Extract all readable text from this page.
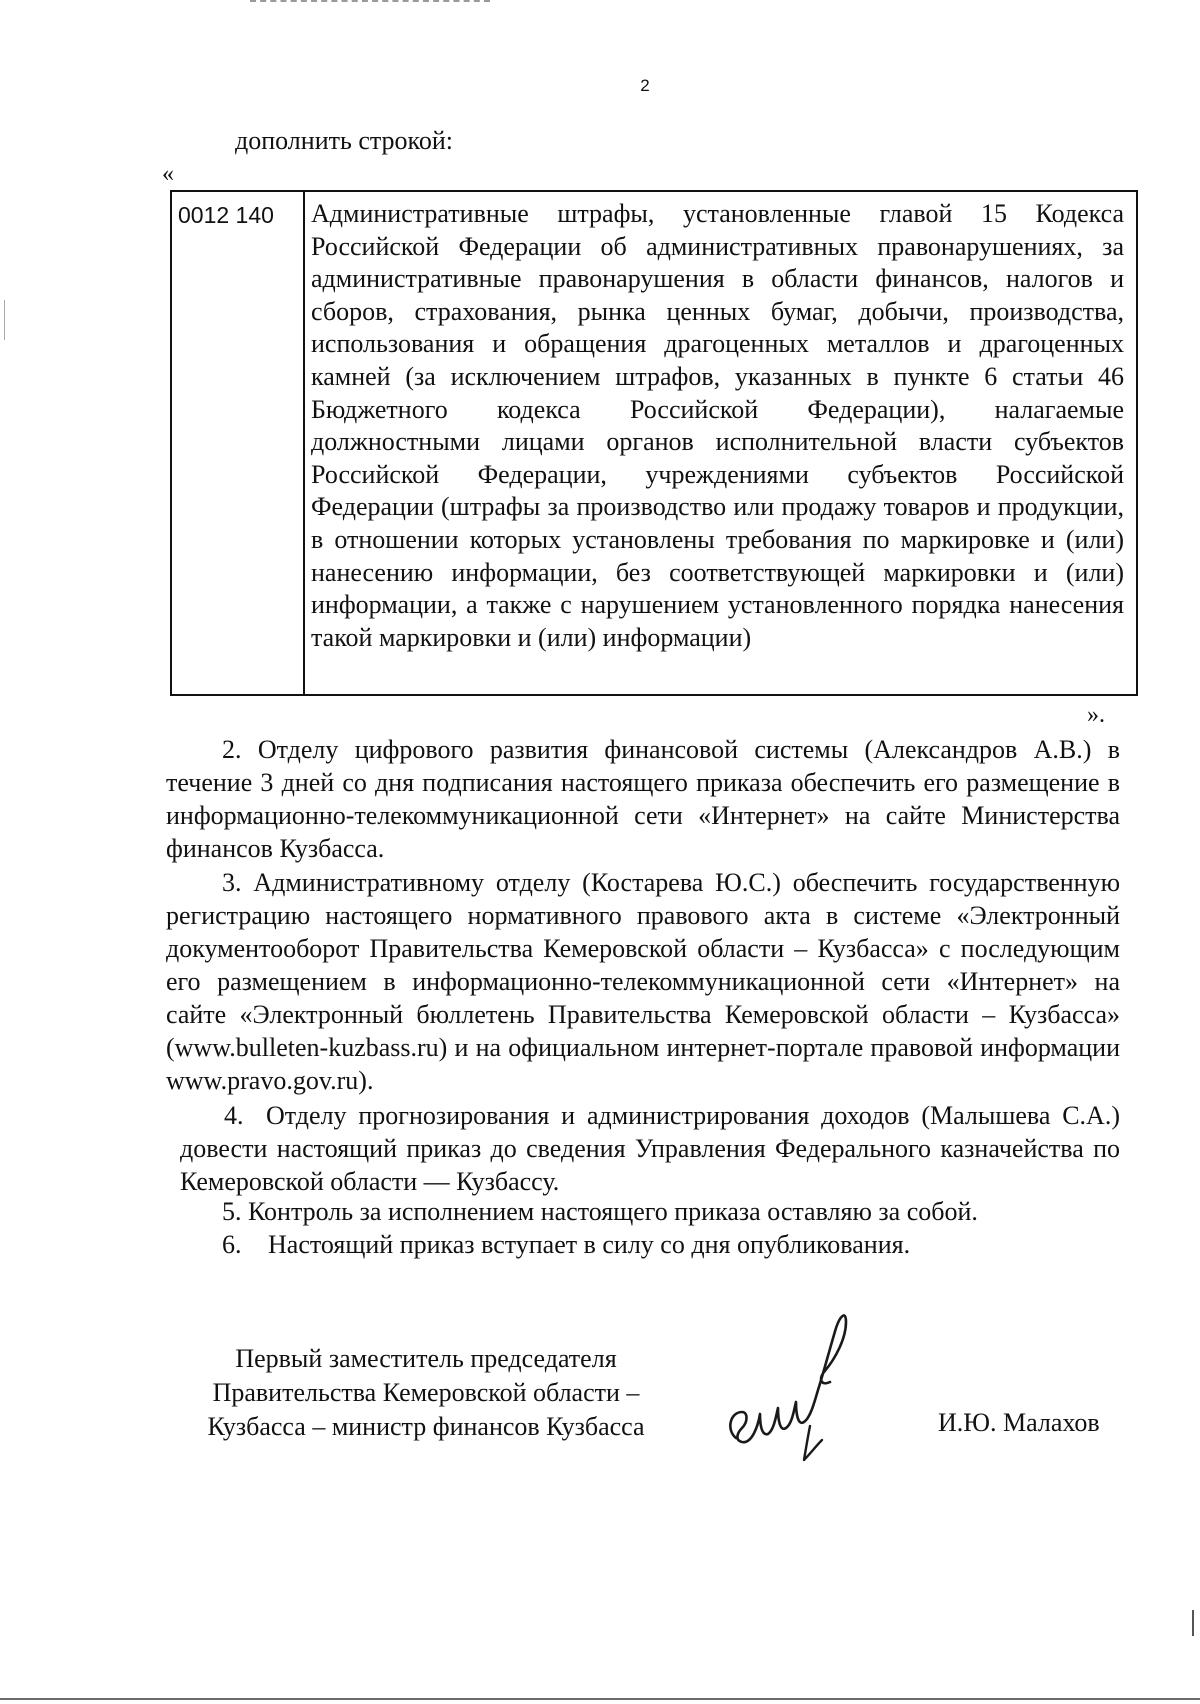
2
дополнить строкой:
«
0012 140	Административные штрафы, установленные главой 15 Кодекса Российской Федерации об административных правонарушениях, за административные правонарушения в области финансов, налогов и сборов, страхования, рынка ценных бумаг, добычи, производства, использования и обращения драгоценных металлов и драгоценных камней (за исключением штрафов, указанных в пункте 6 статьи 46 Бюджетного кодекса Российской Федерации), налагаемые должностными лицами органов исполнительной власти субъектов Российской Федерации, учреждениями субъектов Российской Федерации (штрафы за производство или продажу товаров и продукции, в отношении которых установлены требования по маркировке и (или) нанесению информации, без соответствующей маркировки и (или) информации, а также с нарушением установленного порядка нанесения такой маркировки и (или) информации)
».

2. Отделу цифрового развития финансовой системы (Александров А.В.) в течение 3 дней со дня подписания настоящего приказа обеспечить его размещение в информационно-телекоммуникационной сети «Интернет» на сайте Министерства финансов Кузбасса.

3. Административному отделу (Костарева Ю.С.) обеспечить государственную регистрацию настоящего нормативного правового акта в системе «Электронный документооборот Правительства Кемеровской области – Кузбасса» с последующим его размещением в информационно-телекоммуникационной сети «Интернет» на сайте «Электронный бюллетень Правительства Кемеровской области – Кузбасса» (www.bulleten-kuzbass.ru) и на официальном интернет-портале правовой информации www.pravo.gov.ru).

4. Отделу прогнозирования и администрирования доходов (Малышева С.А.) довести настоящий приказ до сведения Управления Федерального казначейства по Кемеровской области — Кузбассу.

5. Контроль за исполнением настоящего приказа оставляю за собой.

6. Настоящий приказ вступает в силу со дня опубликования.

Первый заместитель председателя
Правительства Кемеровской области –
Кузбасса – министр финансов Кузбасса	И.Ю. Малахов
